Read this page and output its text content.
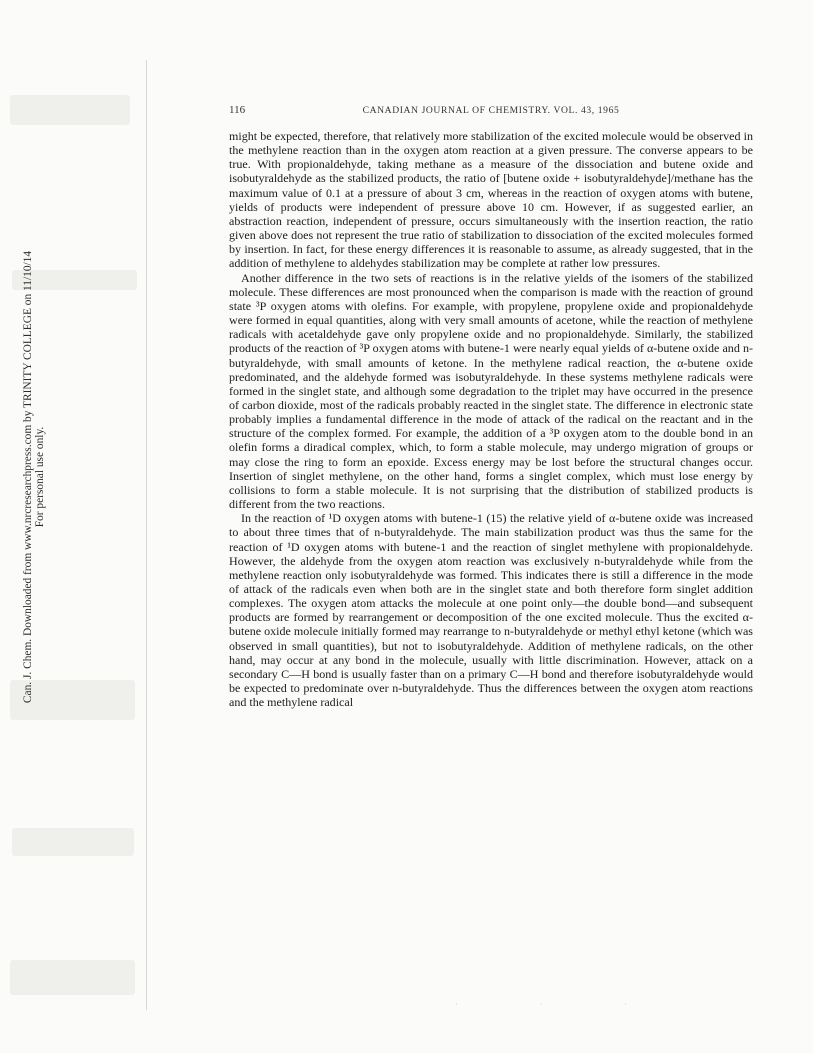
Can. J. Chem. Downloaded from www.nrcresearchpress.com by TRINITY COLLEGE on 11/10/14 For personal use only.
116	CANADIAN JOURNAL OF CHEMISTRY. VOL. 43, 1965

might be expected, therefore, that relatively more stabilization of the excited molecule would be observed in the methylene reaction than in the oxygen atom reaction at a given pressure. The converse appears to be true. With propionaldehyde, taking methane as a measure of the dissociation and butene oxide and isobutyraldehyde as the stabilized products, the ratio of [butene oxide + isobutyraldehyde]/methane has the maximum value of 0.1 at a pressure of about 3 cm, whereas in the reaction of oxygen atoms with butene, yields of products were independent of pressure above 10 cm. However, if as suggested earlier, an abstraction reaction, independent of pressure, occurs simultaneously with the insertion reaction, the ratio given above does not represent the true ratio of stabilization to dissociation of the excited molecules formed by insertion. In fact, for these energy differences it is reasonable to assume, as already suggested, that in the addition of methylene to aldehydes stabilization may be complete at rather low pressures.

Another difference in the two sets of reactions is in the relative yields of the isomers of the stabilized molecule. These differences are most pronounced when the comparison is made with the reaction of ground state ³P oxygen atoms with olefins. For example, with propylene, propylene oxide and propionaldehyde were formed in equal quantities, along with very small amounts of acetone, while the reaction of methylene radicals with acetaldehyde gave only propylene oxide and no propionaldehyde. Similarly, the stabilized products of the reaction of ³P oxygen atoms with butene-1 were nearly equal yields of α-butene oxide and n-butyraldehyde, with small amounts of ketone. In the methylene radical reaction, the α-butene oxide predominated, and the aldehyde formed was isobutyraldehyde. In these systems methylene radicals were formed in the singlet state, and although some degradation to the triplet may have occurred in the presence of carbon dioxide, most of the radicals probably reacted in the singlet state. The difference in electronic state probably implies a fundamental difference in the mode of attack of the radical on the reactant and in the structure of the complex formed. For example, the addition of a ³P oxygen atom to the double bond in an olefin forms a diradical complex, which, to form a stable molecule, may undergo migration of groups or may close the ring to form an epoxide. Excess energy may be lost before the structural changes occur. Insertion of singlet methylene, on the other hand, forms a singlet complex, which must lose energy by collisions to form a stable molecule. It is not surprising that the distribution of stabilized products is different from the two reactions.

In the reaction of ¹D oxygen atoms with butene-1 (15) the relative yield of α-butene oxide was increased to about three times that of n-butyraldehyde. The main stabilization product was thus the same for the reaction of ¹D oxygen atoms with butene-1 and the reaction of singlet methylene with propionaldehyde. However, the aldehyde from the oxygen atom reaction was exclusively n-butyraldehyde while from the methylene reaction only isobutyraldehyde was formed. This indicates there is still a difference in the mode of attack of the radicals even when both are in the singlet state and both therefore form singlet addition complexes. The oxygen atom attacks the molecule at one point only—the double bond—and subsequent products are formed by rearrangement or decomposition of the one excited molecule. Thus the excited α-butene oxide molecule initially formed may rearrange to n-butyraldehyde or methyl ethyl ketone (which was observed in small quantities), but not to isobutyraldehyde. Addition of methylene radicals, on the other hand, may occur at any bond in the molecule, usually with little discrimination. However, attack on a secondary C—H bond is usually faster than on a primary C—H bond and therefore isobutyraldehyde would be expected to predominate over n-butyraldehyde. Thus the differences between the oxygen atom reactions and the methylene radical

· · ·
